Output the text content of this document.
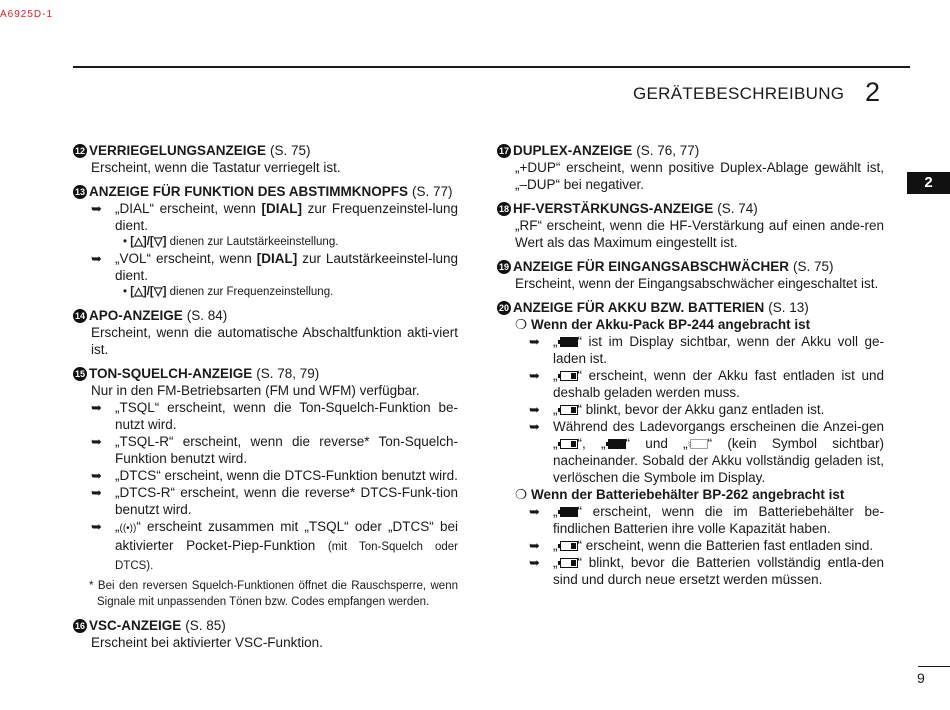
A6925D-1
GERÄTEBESCHREIBUNG 2
2
9
12 VERRIEGELUNGSANZEIGE (S. 75)
Erscheint, wenn die Tastatur verriegelt ist.
13 ANZEIGE FÜR FUNKTION DES ABSTIMMKNOPFS (S. 77)
➥ „DIAL“ erscheint, wenn [DIAL] zur Frequenzeinstel-lung dient.
• [△]/[▽] dienen zur Lautstärkeeinstellung.
➥ „VOL“ erscheint, wenn [DIAL] zur Lautstärkeeinstel-lung dient.
• [△]/[▽] dienen zur Frequenzeinstellung.
14 APO-ANZEIGE (S. 84)
Erscheint, wenn die automatische Abschaltfunktion akti-viert ist.
15 TON-SQUELCH-ANZEIGE (S. 78, 79)
Nur in den FM-Betriebsarten (FM und WFM) verfügbar.
➥ „TSQL“ erscheint, wenn die Ton-Squelch-Funktion be-nutzt wird.
➥ „TSQL-R“ erscheint, wenn die reverse* Ton-Squelch-Funktion benutzt wird.
➥ „DTCS“ erscheint, wenn die DTCS-Funktion benutzt wird.
➥ „DTCS-R“ erscheint, wenn die reverse* DTCS-Funk-tion benutzt wird.
➥ „((•))“ erscheint zusammen mit „TSQL“ oder „DTCS“ bei aktivierter Pocket-Piep-Funktion (mit Ton-Squelch oder DTCS).
* Bei den reversen Squelch-Funktionen öffnet die Rauschsperre, wenn Signale mit unpassenden Tönen bzw. Codes empfangen werden.
16 VSC-ANZEIGE (S. 85)
Erscheint bei aktivierter VSC-Funktion.
17 DUPLEX-ANZEIGE (S. 76, 77)
„+DUP“ erscheint, wenn positive Duplex-Ablage gewählt ist, „–DUP“ bei negativer.
18 HF-VERSTÄRKUNGS-ANZEIGE (S. 74)
„RF“ erscheint, wenn die HF-Verstärkung auf einen ande-ren Wert als das Maximum eingestellt ist.
19 ANZEIGE FÜR EINGANGSABSCHWÄCHER (S. 75)
Erscheint, wenn der Eingangsabschwächer eingeschaltet ist.
20 ANZEIGE FÜR AKKU BZW. BATTERIEN (S. 13)
❍ Wenn der Akku-Pack BP-244 angebracht ist
➥ „ “ ist im Display sichtbar, wenn der Akku voll ge-laden ist.
➥ „ “ erscheint, wenn der Akku fast entladen ist und deshalb geladen werden muss.
➥ „ “ blinkt, bevor der Akku ganz entladen ist.
➥ Während des Ladevorgangs erscheinen die Anzei-gen „ “, „ “ und „ “ (kein Symbol sichtbar) nacheinander. Sobald der Akku vollständig geladen ist, verlöschen die Symbole im Display.
❍ Wenn der Batteriebehälter BP-262 angebracht ist
➥ „ “ erscheint, wenn die im Batteriebehälter be-findlichen Batterien ihre volle Kapazität haben.
➥ „ “ erscheint, wenn die Batterien fast entladen sind.
➥ „ “ blinkt, bevor die Batterien vollständig entla-den sind und durch neue ersetzt werden müssen.
